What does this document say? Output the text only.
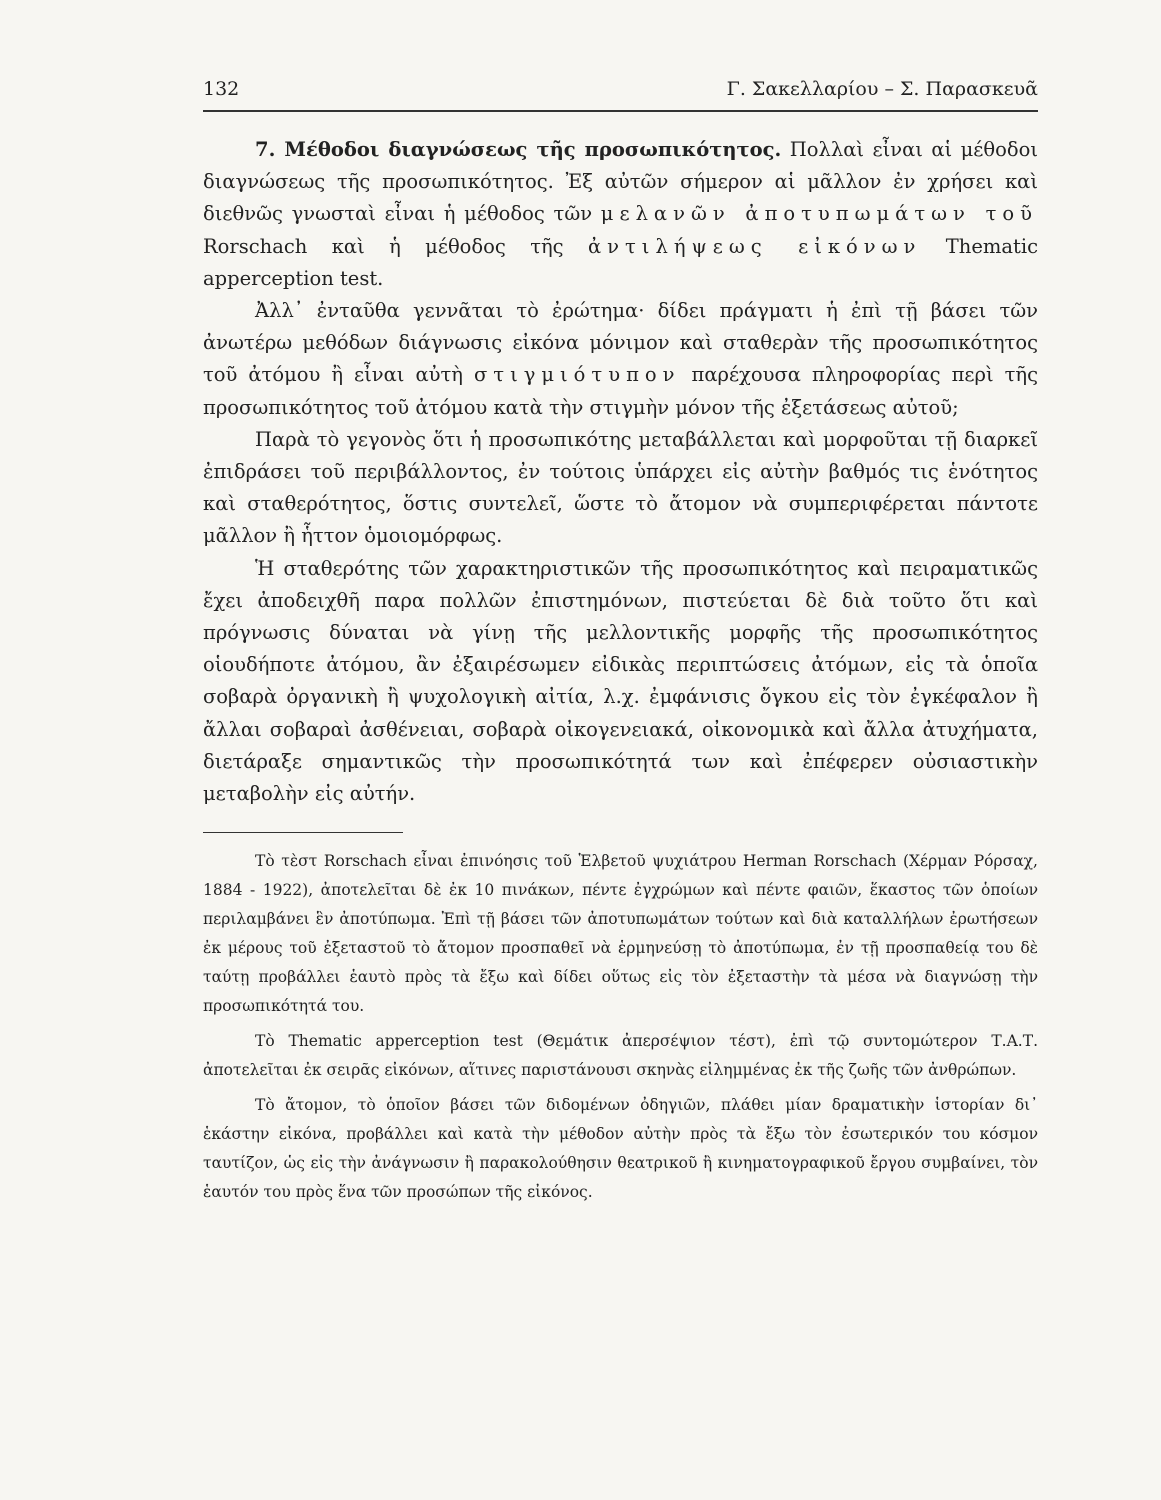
132	Γ. Σακελλαρίου – Σ. Παρασκευᾶ

7. Μέθοδοι διαγνώσεως τῆς προσωπικότητος. Πολλαὶ εἶναι αἱ μέθοδοι διαγνώσεως τῆς προσωπικότητος. Ἐξ αὐτῶν σήμερον αἱ μᾶλλον ἐν χρήσει καὶ διεθνῶς γνωσταὶ εἶναι ἡ μέθοδος τῶν μελανῶν ἀποτυπωμάτων τοῦ Rorschach καὶ ἡ μέθοδος τῆς ἀντιλήψεως εἰκόνων Thematic apperception test.

Ἀλλ᾽ ἐνταῦθα γεννᾶται τὸ ἐρώτημα· δίδει πράγματι ἡ ἐπὶ τῇ βάσει τῶν ἀνωτέρω μεθόδων διάγνωσις εἰκόνα μόνιμον καὶ σταθερὰν τῆς προσωπικότητος τοῦ ἀτόμου ἢ εἶναι αὐτὴ στιγμιότυπον παρέχουσα πληροφορίας περὶ τῆς προσωπικότητος τοῦ ἀτόμου κατὰ τὴν στιγμὴν μόνον τῆς ἐξετάσεως αὐτοῦ;

Παρὰ τὸ γεγονὸς ὅτι ἡ προσωπικότης μεταβάλλεται καὶ μορφοῦται τῇ διαρκεῖ ἐπιδράσει τοῦ περιβάλλοντος, ἐν τούτοις ὑπάρχει εἰς αὐτὴν βαθμός τις ἑνότητος καὶ σταθερότητος, ὅστις συντελεῖ, ὥστε τὸ ἄτομον νὰ συμπεριφέρεται πάντοτε μᾶλλον ἢ ἧττον ὁμοιομόρφως.

Ἡ σταθερότης τῶν χαρακτηριστικῶν τῆς προσωπικότητος καὶ πειραματικῶς ἔχει ἀποδειχθῆ παρα πολλῶν ἐπιστημόνων, πιστεύεται δὲ διὰ τοῦτο ὅτι καὶ πρόγνωσις δύναται νὰ γίνῃ τῆς μελλοντικῆς μορφῆς τῆς προσωπικότητος οἱουδήποτε ἀτόμου, ἂν ἐξαιρέσωμεν εἰδικὰς περιπτώσεις ἀτόμων, εἰς τὰ ὁποῖα σοβαρὰ ὀργανικὴ ἢ ψυχολογικὴ αἰτία, λ.χ. ἐμφάνισις ὄγκου εἰς τὸν ἐγκέφαλον ἢ ἄλλαι σοβαραὶ ἀσθένειαι, σοβαρὰ οἰκογενειακά, οἰκονομικὰ καὶ ἄλλα ἀτυχήματα, διετάραξε σημαντικῶς τὴν προσωπικότητά των καὶ ἐπέφερεν οὐσιαστικὴν μεταβολὴν εἰς αὐτήν.

Τὸ τὲστ Rorschach εἶναι ἐπινόησις τοῦ Ἑλβετοῦ ψυχιάτρου Herman Rorschach (Χέρμαν Ρόρσαχ, 1884 - 1922), ἀποτελεῖται δὲ ἐκ 10 πινάκων, πέντε ἐγχρώμων καὶ πέντε φαιῶν, ἕκαστος τῶν ὁποίων περιλαμβάνει ἓν ἀποτύπωμα. Ἐπὶ τῇ βάσει τῶν ἀποτυπωμάτων τούτων καὶ διὰ καταλλήλων ἐρωτήσεων ἐκ μέρους τοῦ ἐξεταστοῦ τὸ ἄτομον προσπαθεῖ νὰ ἑρμηνεύσῃ τὸ ἀποτύπωμα, ἐν τῇ προσπαθείᾳ του δὲ ταύτῃ προβάλλει ἑαυτὸ πρὸς τὰ ἔξω καὶ δίδει οὕτως εἰς τὸν ἐξεταστὴν τὰ μέσα νὰ διαγνώσῃ τὴν προσωπικότητά του.

Τὸ Thematic apperception test (Θεμάτικ ἀπερσέψιον τέστ), ἐπὶ τῷ συντομώτερον Τ.Α.Τ. ἀποτελεῖται ἐκ σειρᾶς εἰκόνων, αἵτινες παριστάνουσι σκηνὰς εἰλημμένας ἐκ τῆς ζωῆς τῶν ἀνθρώπων.

Τὸ ἄτομον, τὸ ὁποῖον βάσει τῶν διδομένων ὀδηγιῶν, πλάθει μίαν δραματικὴν ἱστορίαν δι᾽ ἑκάστην εἰκόνα, προβάλλει καὶ κατὰ τὴν μέθοδον αὐτὴν πρὸς τὰ ἔξω τὸν ἐσωτερικόν του κόσμον ταυτίζον, ὡς εἰς τὴν ἀνάγνωσιν ἢ παρακολούθησιν θεατρικοῦ ἢ κινηματογραφικοῦ ἔργου συμβαίνει, τὸν ἑαυτόν του πρὸς ἕνα τῶν προσώπων τῆς εἰκόνος.
